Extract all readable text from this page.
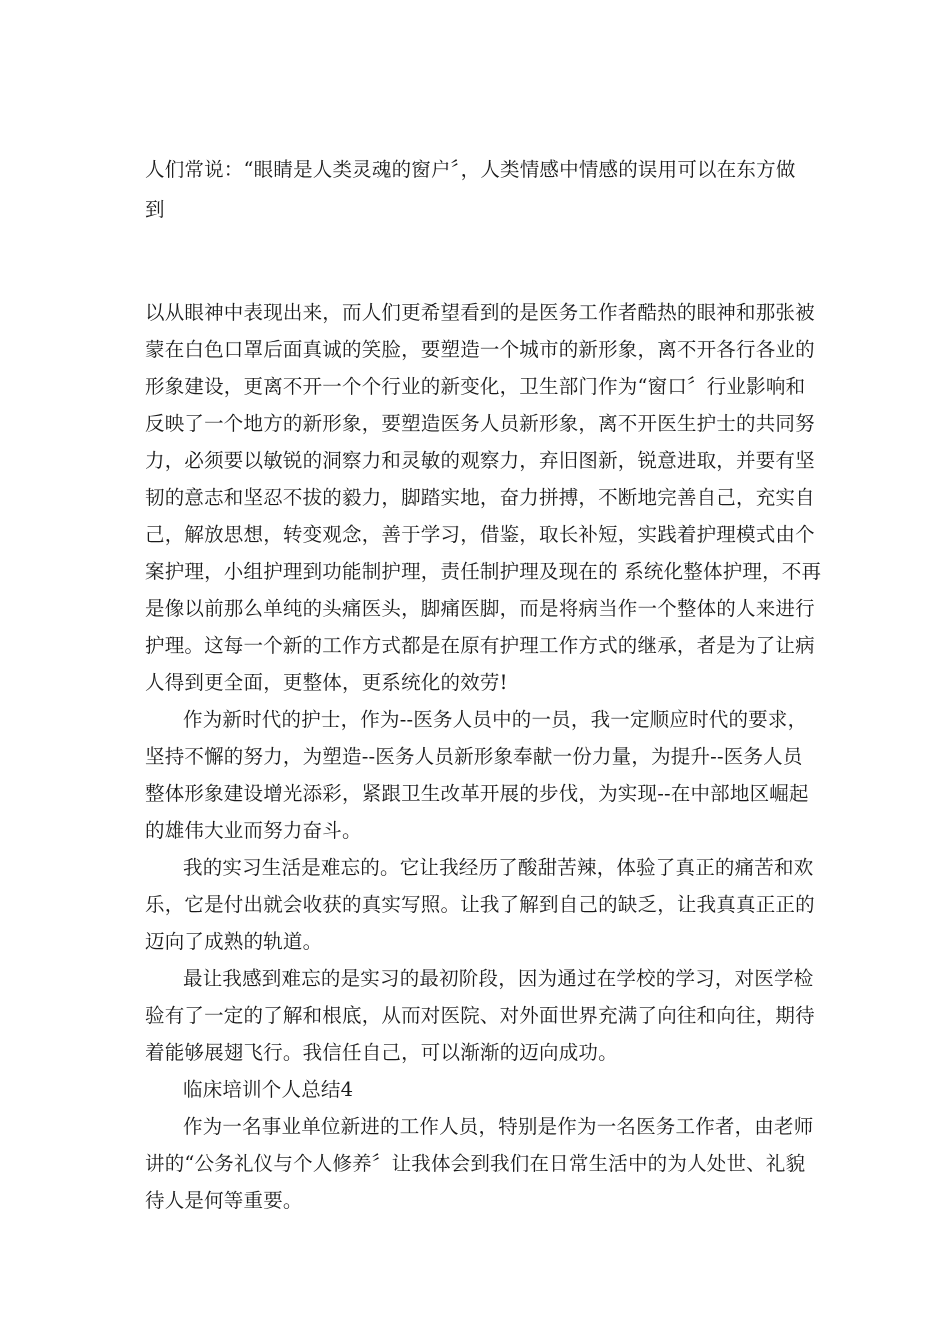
人们常说：“眼睛是人类灵魂的窗户〞，人类情感中情感的误用可以在东方做
到
以从眼神中表现出来，而人们更希望看到的是医务工作者酷热的眼神和那张被
蒙在白色口罩后面真诚的笑脸，要塑造一个城市的新形象，离不开各行各业的
形象建设，更离不开一个个行业的新变化，卫生部门作为“窗口〞行业影响和
反映了一个地方的新形象，要塑造医务人员新形象，离不开医生护士的共同努
力，必须要以敏锐的洞察力和灵敏的观察力，弃旧图新，锐意进取，并要有坚
韧的意志和坚忍不拔的毅力，脚踏实地，奋力拼搏，不断地完善自己，充实自
己，解放思想，转变观念，善于学习，借鉴，取长补短，实践着护理模式由个
案护理，小组护理到功能制护理，责任制护理及现在的 系统化整体护理，不再
是像以前那么单纯的头痛医头，脚痛医脚，而是将病当作一个整体的人来进行
护理。这每一个新的工作方式都是在原有护理工作方式的继承，者是为了让病
人得到更全面，更整体，更系统化的效劳!
作为新时代的护士，作为--医务人员中的一员，我一定顺应时代的要求，
坚持不懈的努力，为塑造--医务人员新形象奉献一份力量，为提升--医务人员
整体形象建设增光添彩，紧跟卫生改革开展的步伐，为实现--在中部地区崛起
的雄伟大业而努力奋斗。
我的实习生活是难忘的。它让我经历了酸甜苦辣，体验了真正的痛苦和欢
乐，它是付出就会收获的真实写照。让我了解到自己的缺乏，让我真真正正的
迈向了成熟的轨道。
最让我感到难忘的是实习的最初阶段，因为通过在学校的学习，对医学检
验有了一定的了解和根底，从而对医院、对外面世界充满了向往和向往，期待
着能够展翅飞行。我信任自己，可以渐渐的迈向成功。
临床培训个人总结4
作为一名事业单位新进的工作人员，特别是作为一名医务工作者，由老师
讲的“公务礼仪与个人修养〞让我体会到我们在日常生活中的为人处世、礼貌
待人是何等重要。
